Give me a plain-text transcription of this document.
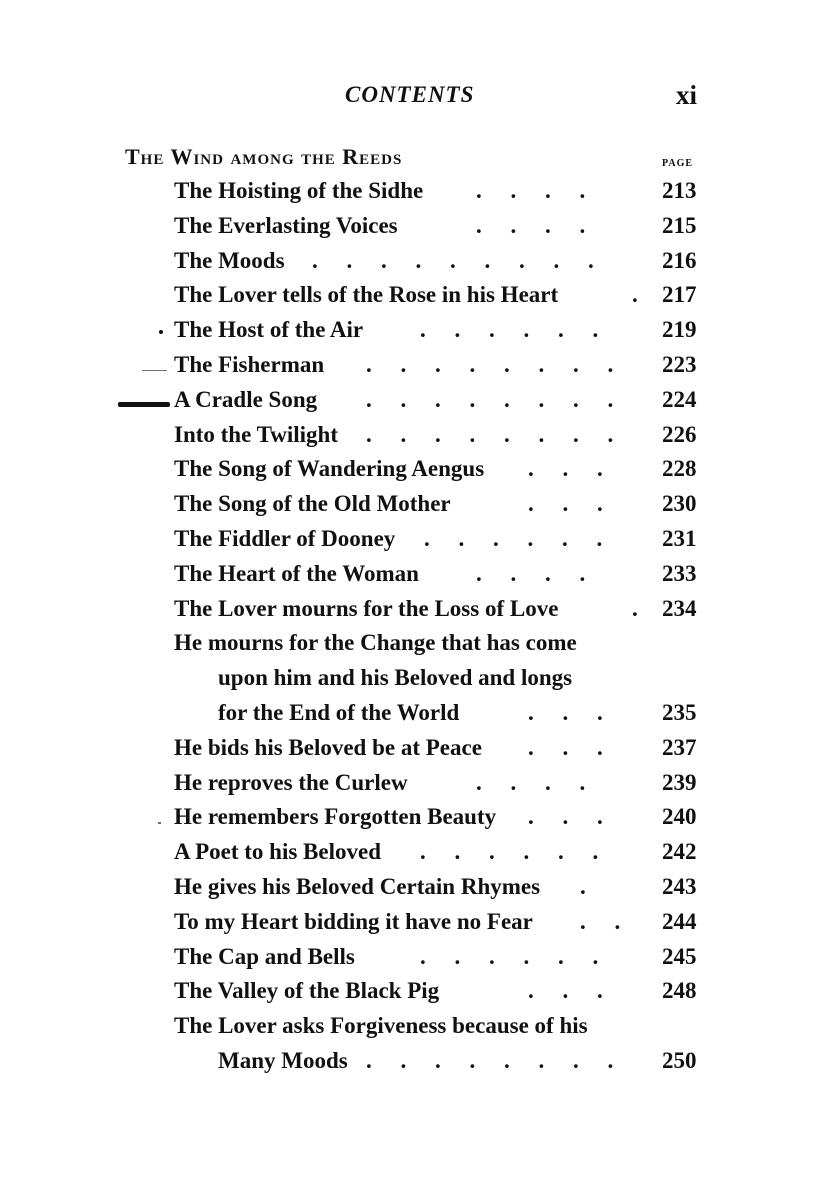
CONTENTS	xi
The Wind among the Reeds	PAGE
The Hoisting of the Sidhe	.     .     .     .	213
The Everlasting Voices	.     .     .     .	215
The Moods	.     .     .     .     .     .     .     .     .	216
The Lover tells of the Rose in his Heart	.	217
The Host of the Air	.     .     .     .     .     .	219
The Fisherman	.     .     .     .     .     .     .     .	223
A Cradle Song	.     .     .     .     .     .     .     .	224
Into the Twilight	.     .     .     .     .     .     .     .	226
The Song of Wandering Aengus	.     .     .	228
The Song of the Old Mother	.     .     .	230
The Fiddler of Dooney	.     .     .     .     .     .	231
The Heart of the Woman	.     .     .     .	233
The Lover mourns for the Loss of Love	.	234
He mourns for the Change that has come
upon him and his Beloved and longs
for the End of the World	.     .     .	235
He bids his Beloved be at Peace	.     .     .	237
He reproves the Curlew	.     .     .     .	239
He remembers Forgotten Beauty	.     .     .	240
A Poet to his Beloved	.     .     .     .     .     .	242
He gives his Beloved Certain Rhymes	.	243
To my Heart bidding it have no Fear	.     .	244
The Cap and Bells	.     .     .     .     .     .	245
The Valley of the Black Pig	.     .     .	248
The Lover asks Forgiveness because of his
Many Moods .     .     .     .     .     .     .     .	250
